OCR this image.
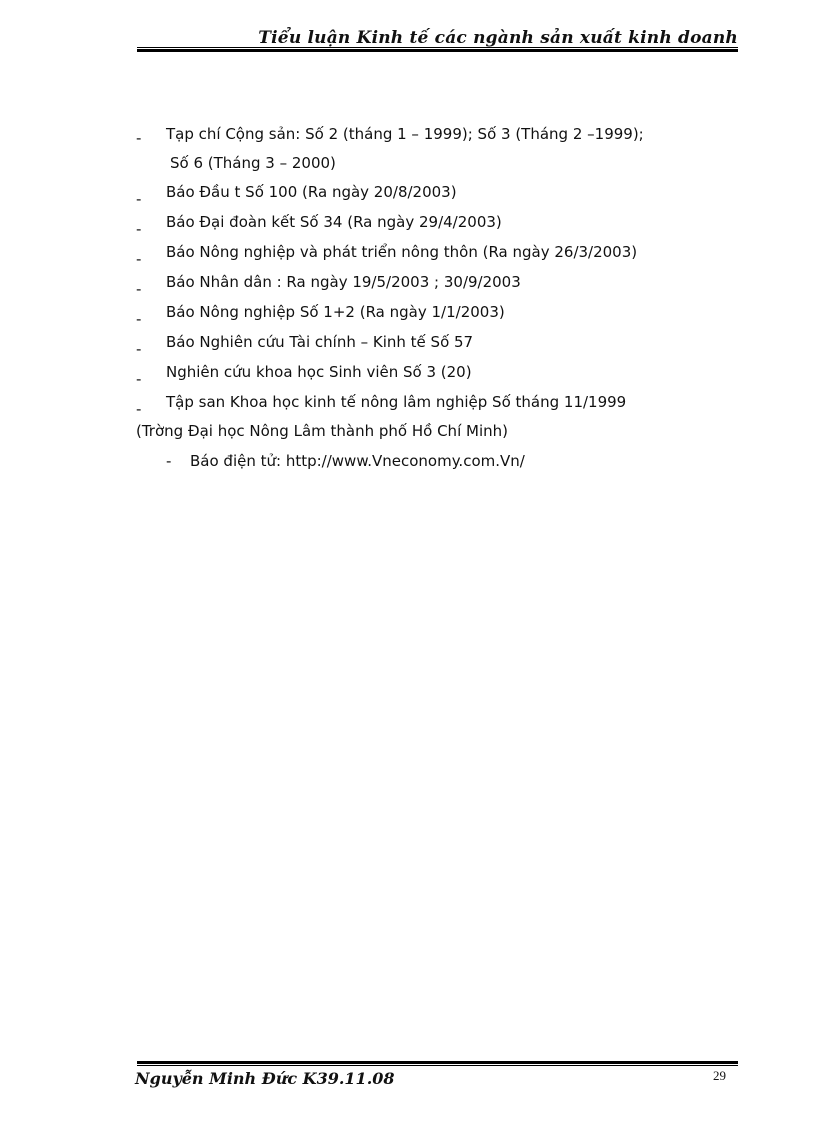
Tiểu luận Kinh tế các ngành sản xuất kinh doanh
- Tạp chí Cộng sản: Số 2 (tháng 1 – 1999); Số 3 (Tháng 2 –1999);
Số 6 (Tháng 3 – 2000)
- Báo Đầu t Số 100 (Ra ngày 20/8/2003)
- Báo Đại đoàn kết Số 34 (Ra ngày 29/4/2003)
- Báo Nông nghiệp và phát triển nông thôn (Ra ngày 26/3/2003)
- Báo Nhân dân : Ra ngày 19/5/2003 ; 30/9/2003
- Báo Nông nghiệp Số 1+2 (Ra ngày 1/1/2003)
- Báo Nghiên cứu Tài chính – Kinh tế Số 57
- Nghiên cứu khoa học Sinh viên Số 3 (20)
- Tập san Khoa học kinh tế nông lâm nghiệp Số tháng 11/1999
(Trờng Đại học Nông Lâm thành phố Hồ Chí Minh)
- Báo điện tử: http://www.Vneconomy.com.Vn/
Nguyễn Minh Đức K39.11.08	29
